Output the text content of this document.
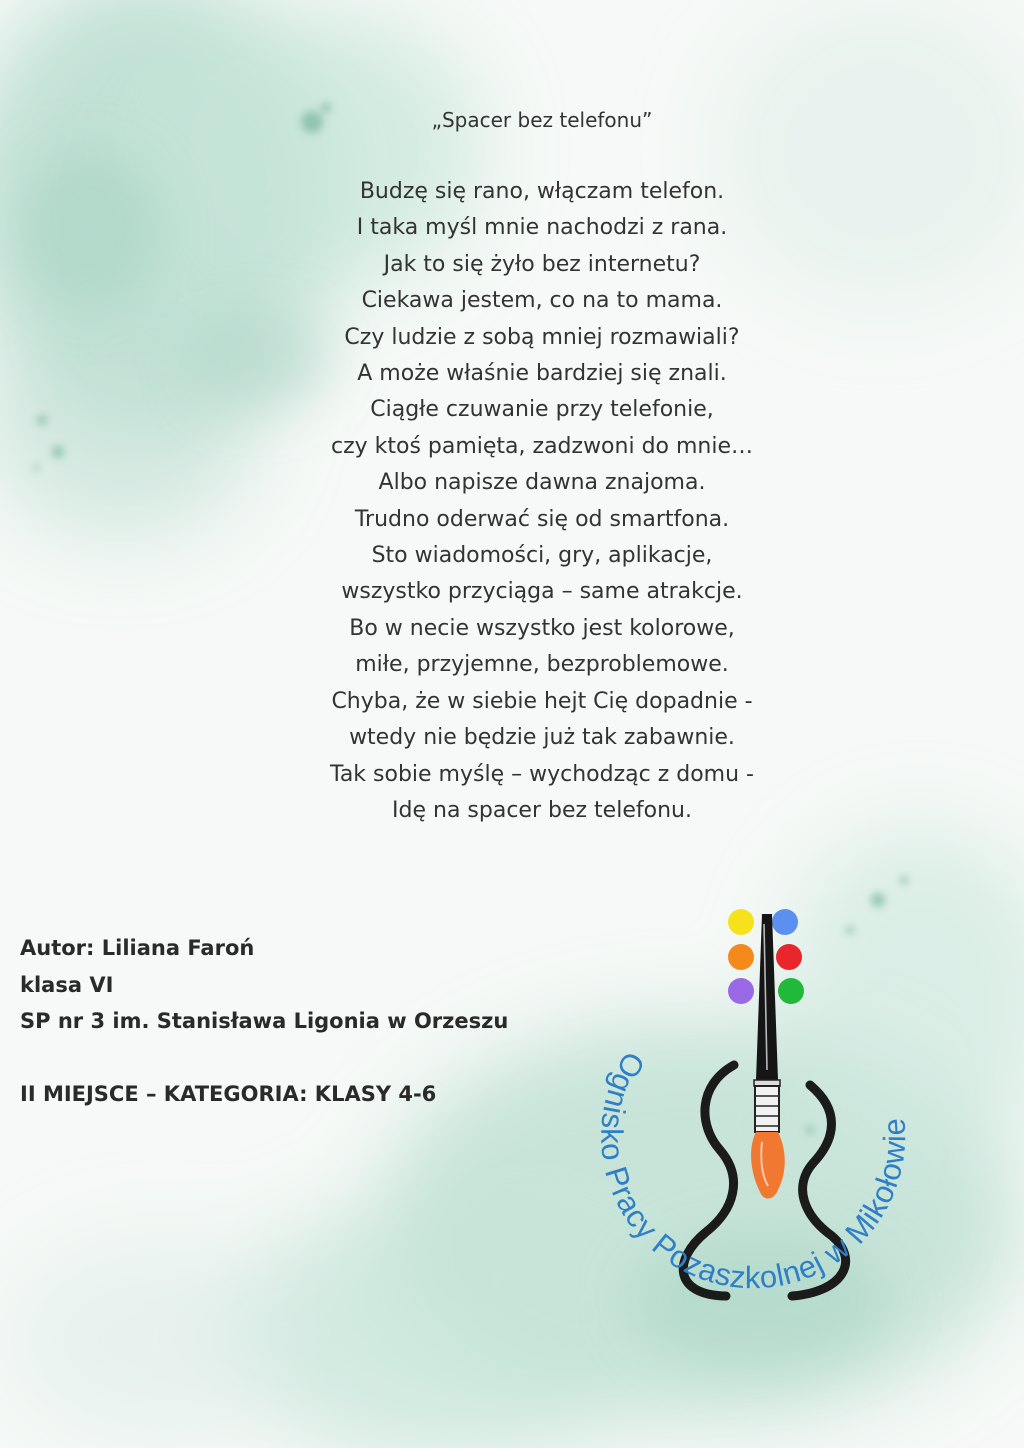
„Spacer bez telefonu”
Budzę się rano, włączam telefon.
I taka myśl mnie nachodzi z rana.
Jak to się żyło bez internetu?
Ciekawa jestem, co na to mama.
Czy ludzie z sobą mniej rozmawiali?
A może właśnie bardziej się znali.
Ciągłe czuwanie przy telefonie,
czy ktoś pamięta, zadzwoni do mnie…
Albo napisze dawna znajoma.
Trudno oderwać się od smartfona.
Sto wiadomości, gry, aplikacje,
wszystko przyciąga – same atrakcje.
Bo w necie wszystko jest kolorowe,
miłe, przyjemne, bezproblemowe.
Chyba, że w siebie hejt Cię dopadnie -
wtedy nie będzie już tak zabawnie.
Tak sobie myślę – wychodząc z domu -
Idę na spacer bez telefonu.
Autor: Liliana Faroń
klasa VI
SP nr 3 im. Stanisława Ligonia w Orzeszu
II MIEJSCE – KATEGORIA: KLASY 4-6
Ognisko Pracy Pozaszkolnej w Mikołowie
